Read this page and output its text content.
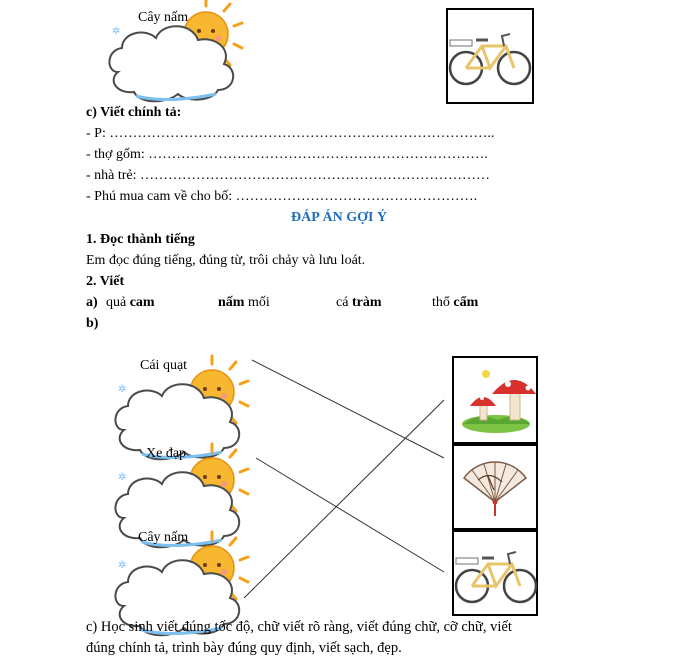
✲	Cây nấm
c) Viết chính tả:
- P: ………………………………………………………………………..
- thợ gốm: ……………………………………………………………….
- nhà trẻ: …………………………………………………………………
- Phú mua cam về cho bố: …………………………………………….
ĐÁP ÁN GỢI Ý
1. Đọc thành tiếng
Em đọc đúng tiếng, đúng từ, trôi chảy và lưu loát.
2. Viết
a) quả cam	nấm mối	cá tràm	thổ cẩm
b)
Cái quạt
Xe đạp
Cây nấm
c) Học sinh viết đúng tốc độ, chữ viết rõ ràng, viết đúng chữ, cỡ chữ, viết
đúng chính tả, trình bày đúng quy định, viết sạch, đẹp.
